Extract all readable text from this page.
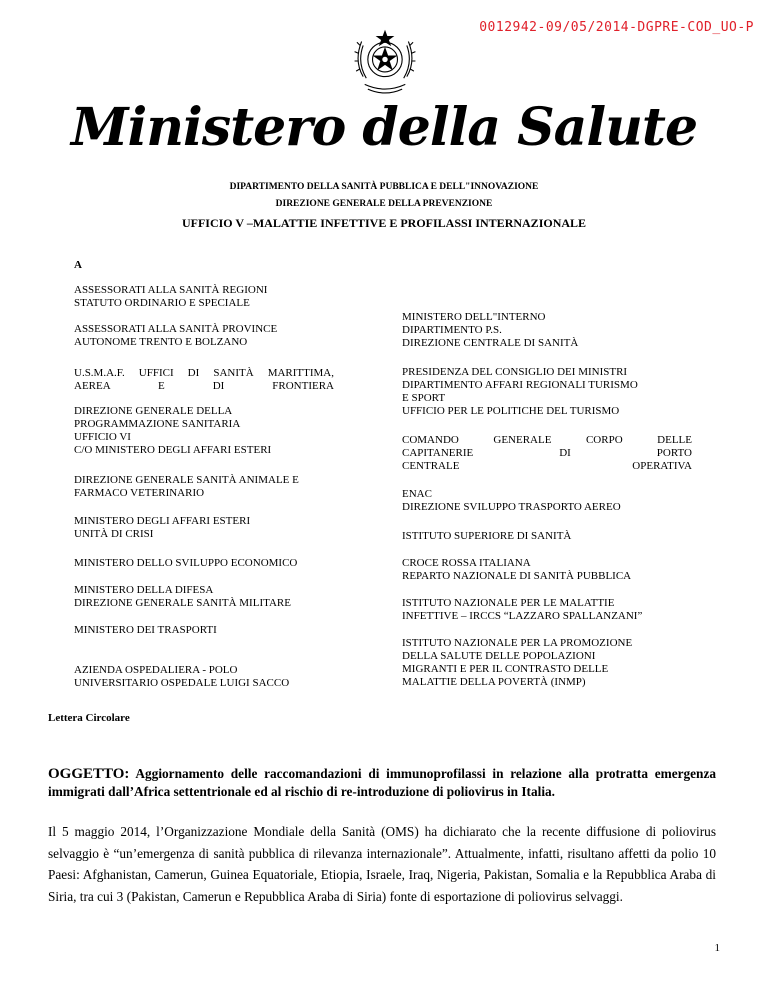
0012942-09/05/2014-DGPRE-COD_UO-P
Ministero della Salute
DIPARTIMENTO DELLA SANITÀ PUBBLICA E DELL"INNOVAZIONE
DIREZIONE GENERALE DELLA PREVENZIONE
UFFICIO V –MALATTIE INFETTIVE E PROFILASSI INTERNAZIONALE
A
ASSESSORATI ALLA SANITÀ REGIONI
STATUTO ORDINARIO E SPECIALE
ASSESSORATI ALLA SANITÀ PROVINCE
AUTONOME TRENTO E BOLZANO
U.S.M.A.F. UFFICI DI SANITÀ MARITTIMA,
AEREA E DI FRONTIERA
DIREZIONE GENERALE DELLA
PROGRAMMAZIONE SANITARIA
UFFICIO VI
C/O MINISTERO DEGLI AFFARI ESTERI
DIREZIONE GENERALE SANITÀ ANIMALE E
FARMACO VETERINARIO
MINISTERO DEGLI AFFARI ESTERI
UNITÀ DI CRISI
MINISTERO DELLO SVILUPPO ECONOMICO
MINISTERO DELLA DIFESA
DIREZIONE GENERALE SANITÀ MILITARE
MINISTERO DEI TRASPORTI
AZIENDA OSPEDALIERA - POLO
UNIVERSITARIO OSPEDALE LUIGI SACCO
MINISTERO DELL"INTERNO
DIPARTIMENTO P.S.
DIREZIONE CENTRALE DI SANITÀ
PRESIDENZA DEL CONSIGLIO DEI MINISTRI
DIPARTIMENTO AFFARI REGIONALI TURISMO
E SPORT
UFFICIO PER LE POLITICHE DEL TURISMO
COMANDO GENERALE CORPO DELLE
CAPITANERIE DI PORTO
CENTRALE OPERATIVA
ENAC
DIREZIONE SVILUPPO TRASPORTO AEREO
ISTITUTO SUPERIORE DI SANITÀ
CROCE ROSSA ITALIANA
REPARTO NAZIONALE DI SANITÀ PUBBLICA
ISTITUTO NAZIONALE PER LE MALATTIE
INFETTIVE – IRCCS “LAZZARO SPALLANZANI”
ISTITUTO NAZIONALE PER LA PROMOZIONE
DELLA SALUTE DELLE POPOLAZIONI
MIGRANTI E PER IL CONTRASTO DELLE
MALATTIE DELLA POVERTÀ (INMP)
Lettera Circolare
OGGETTO: Aggiornamento delle raccomandazioni di immunoprofilassi in relazione alla protratta emergenza immigrati dall’Africa settentrionale ed al rischio di re-introduzione di poliovirus in Italia.
Il 5 maggio 2014, l’Organizzazione Mondiale della Sanità (OMS) ha dichiarato che la recente diffusione di poliovirus selvaggio è “un’emergenza di sanità pubblica di rilevanza internazionale”. Attualmente, infatti, risultano affetti da polio 10 Paesi: Afghanistan, Camerun, Guinea Equatoriale, Etiopia, Israele, Iraq, Nigeria, Pakistan, Somalia e la Repubblica Araba di Siria, tra cui 3 (Pakistan, Camerun e Repubblica Araba di Siria) fonte di esportazione di poliovirus selvaggi.
1
